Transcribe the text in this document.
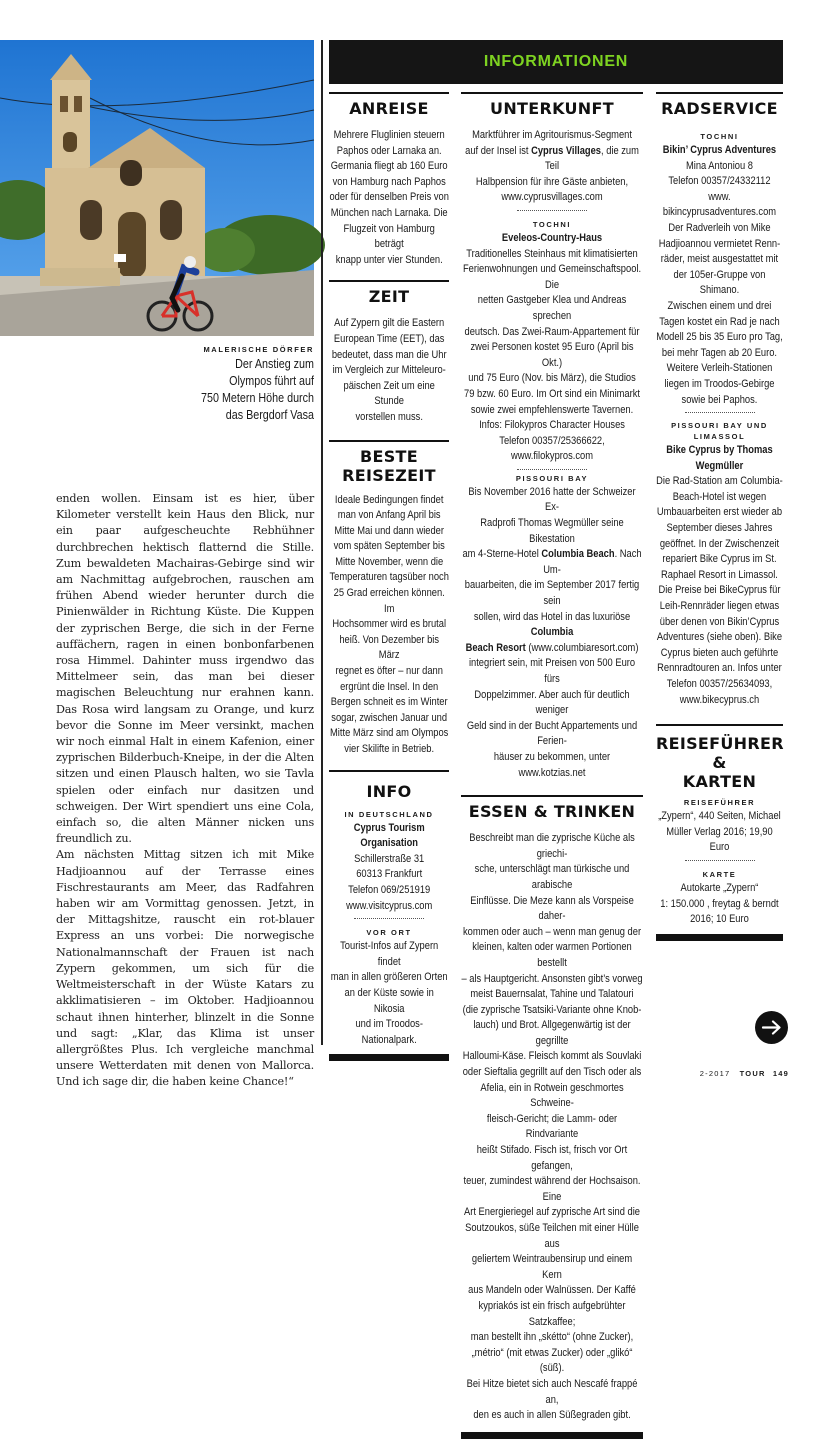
MALERISCHE DÖRFER
Der Anstieg zum
Olympos führt auf
750 Metern Höhe durch
das Bergdorf Vasa

enden wollen. Einsam ist es hier, über Kilometer verstellt kein Haus den Blick, nur ein paar aufgescheuchte Rebhühner durchbrechen hektisch flatternd die Stille. Zum bewaldeten Machairas-Gebirge sind wir am Nachmittag aufgebrochen, rauschen am frühen Abend wieder herunter durch die Pinienwälder in Richtung Küste. Die Kuppen der zyprischen Berge, die sich in der Ferne auffächern, ragen in einen bonbonfarbenen rosa Himmel. Dahinter muss irgendwo das Mittelmeer sein, das man bei dieser magischen Beleuchtung nur erahnen kann. Das Rosa wird langsam zu Orange, und kurz bevor die Sonne im Meer versinkt, machen wir noch einmal Halt in einem Kafenion, einer zyprischen Bilderbuch-Kneipe, in der die Alten sitzen und einen Plausch halten, wo sie Tavla spielen oder einfach nur dasitzen und schweigen. Der Wirt spendiert uns eine Cola, einfach so, die alten Männer nicken uns freundlich zu.

Am nächsten Mittag sitzen ich mit Mike Hadjioannou auf der Terrasse eines Fischrestaurants am Meer, das Radfahren haben wir am Vormittag genossen. Jetzt, in der Mittagshitze, rauscht ein rot-blauer Express an uns vorbei: Die norwegische Nationalmannschaft der Frauen ist nach Zypern gekommen, um sich für die Weltmeisterschaft in der Wüste Katars zu akklimatisieren – im Oktober. Hadjioannou schaut ihnen hinterher, blinzelt in die Sonne und sagt: „Klar, das Klima ist unser allergrößtes Plus. Ich vergleiche manchmal unsere Wetterdaten mit denen von Mallorca. Und ich sage dir, die haben keine Chance!“

INFORMATIONEN
ANREISE
Mehrere Fluglinien steuern
Paphos oder Larnaka an.
Germania fliegt ab 160 Euro
von Hamburg nach Paphos
oder für denselben Preis von
München nach Larnaka. Die
Flugzeit von Hamburg beträgt
knapp unter vier Stunden.
ZEIT
Auf Zypern gilt die Eastern
European Time (EET), das
bedeutet, dass man die Uhr
im Vergleich zur Mitteleuro-
päischen Zeit um eine Stunde
vorstellen muss.
BESTE
REISEZEIT
Ideale Bedingungen findet
man von Anfang April bis
Mitte Mai und dann wieder
vom späten September bis
Mitte November, wenn die
Temperaturen tagsüber noch
25 Grad erreichen können. Im
Hochsommer wird es brutal
heiß. Von Dezember bis März
regnet es öfter – nur dann
ergrünt die Insel. In den
Bergen schneit es im Winter
sogar, zwischen Januar und
Mitte März sind am Olympos
vier Skilifte in Betrieb.
INFO
IN DEUTSCHLAND
Cyprus Tourism Organisation
Schillerstraße 31
60313 Frankfurt
Telefon 069/251919
www.visitcyprus.com
VOR ORT
Tourist-Infos auf Zypern findet
man in allen größeren Orten
an der Küste sowie in Nikosia
und im Troodos-Nationalpark.
UNTERKUNFT
Marktführer im Agritourismus-Segment
auf der Insel ist Cyprus Villages, die zum Teil
Halbpension für ihre Gäste anbieten,
www.cyprusvillages.com
TOCHNI
Eveleos-Country-Haus
Traditionelles Steinhaus mit klimatisierten
Ferienwohnungen und Gemeinschaftspool. Die
netten Gastgeber Klea und Andreas sprechen
deutsch. Das Zwei-Raum-Appartement für
zwei Personen kostet 95 Euro (April bis Okt.)
und 75 Euro (Nov. bis März), die Studios
79 bzw. 60 Euro. Im Ort sind ein Minimarkt
sowie zwei empfehlenswerte Tavernen.
Infos: Filokypros Character Houses
Telefon 00357/25366622, www.filokypros.com
PISSOURI BAY
Bis November 2016 hatte der Schweizer Ex-
Radprofi Thomas Wegmüller seine Bikestation
am 4-Sterne-Hotel Columbia Beach. Nach Um-
bauarbeiten, die im September 2017 fertig sein
sollen, wird das Hotel in das luxuriöse Columbia
Beach Resort (www.columbiaresort.com)
integriert sein, mit Preisen von 500 Euro fürs
Doppelzimmer. Aber auch für deutlich weniger
Geld sind in der Bucht Appartements und Ferien-
häuser zu bekommen, unter www.kotzias.net
ESSEN & TRINKEN
Beschreibt man die zyprische Küche als griechi-
sche, unterschlägt man türkische und arabische
Einflüsse. Die Meze kann als Vorspeise daher-
kommen oder auch – wenn man genug der
kleinen, kalten oder warmen Portionen bestellt
– als Hauptgericht. Ansonsten gibt’s vorweg
meist Bauernsalat, Tahine und Talatouri
(die zyprische Tsatsiki-Variante ohne Knob-
lauch) und Brot. Allgegenwärtig ist der gegrillte
Halloumi-Käse. Fleisch kommt als Souvlaki
oder Sieftalia gegrillt auf den Tisch oder als
Afelia, ein in Rotwein geschmortes Schweine-
fleisch-Gericht; die Lamm- oder Rindvariante
heißt Stifado. Fisch ist, frisch vor Ort gefangen,
teuer, zumindest während der Hochsaison. Eine
Art Energieriegel auf zyprische Art sind die
Soutzoukos, süße Teilchen mit einer Hülle aus
geliertem Weintraubensirup und einem Kern
aus Mandeln oder Walnüssen. Der Kaffé
kypriakós ist ein frisch aufgebrühter Satzkaffee;
man bestellt ihn „skétto“ (ohne Zucker),
„métrio“ (mit etwas Zucker) oder „glikó“ (süß).
Bei Hitze bietet sich auch Nescafé frappé an,
den es auch in allen Süßegraden gibt.
RADSERVICE
TOCHNI
Bikin’ Cyprus Adventures
Mina Antoniou 8
Telefon 00357/24332112
www.
bikincyprusadventures.com
Der Radverleih von Mike
Hadjioannou vermietet Renn-
räder, meist ausgestattet mit
der 105er-Gruppe von Shimano.
Zwischen einem und drei
Tagen kostet ein Rad je nach
Modell 25 bis 35 Euro pro Tag,
bei mehr Tagen ab 20 Euro.
Weitere Verleih-Stationen
liegen im Troodos-Gebirge
sowie bei Paphos.
PISSOURI BAY UND
LIMASSOL
Bike Cyprus by Thomas
Wegmüller
Die Rad-Station am Columbia-
Beach-Hotel ist wegen
Umbauarbeiten erst wieder ab
September dieses Jahres
geöffnet. In der Zwischenzeit
repariert Bike Cyprus im St.
Raphael Resort in Limassol.
Die Preise bei BikeCyprus für
Leih-Rennräder liegen etwas
über denen von Bikin’Cyprus
Adventures (siehe oben). Bike
Cyprus bieten auch geführte
Rennradtouren an. Infos unter
Telefon 00357/25634093,
www.bikecyprus.ch
REISEFÜHRER
&
KARTEN
REISEFÜHRER
„Zypern“, 440 Seiten, Michael
Müller Verlag 2016; 19,90 Euro
KARTE
Autokarte „Zypern“
1: 150.000 , freytag & berndt
2016; 10 Euro
2-2017 TOUR 149
